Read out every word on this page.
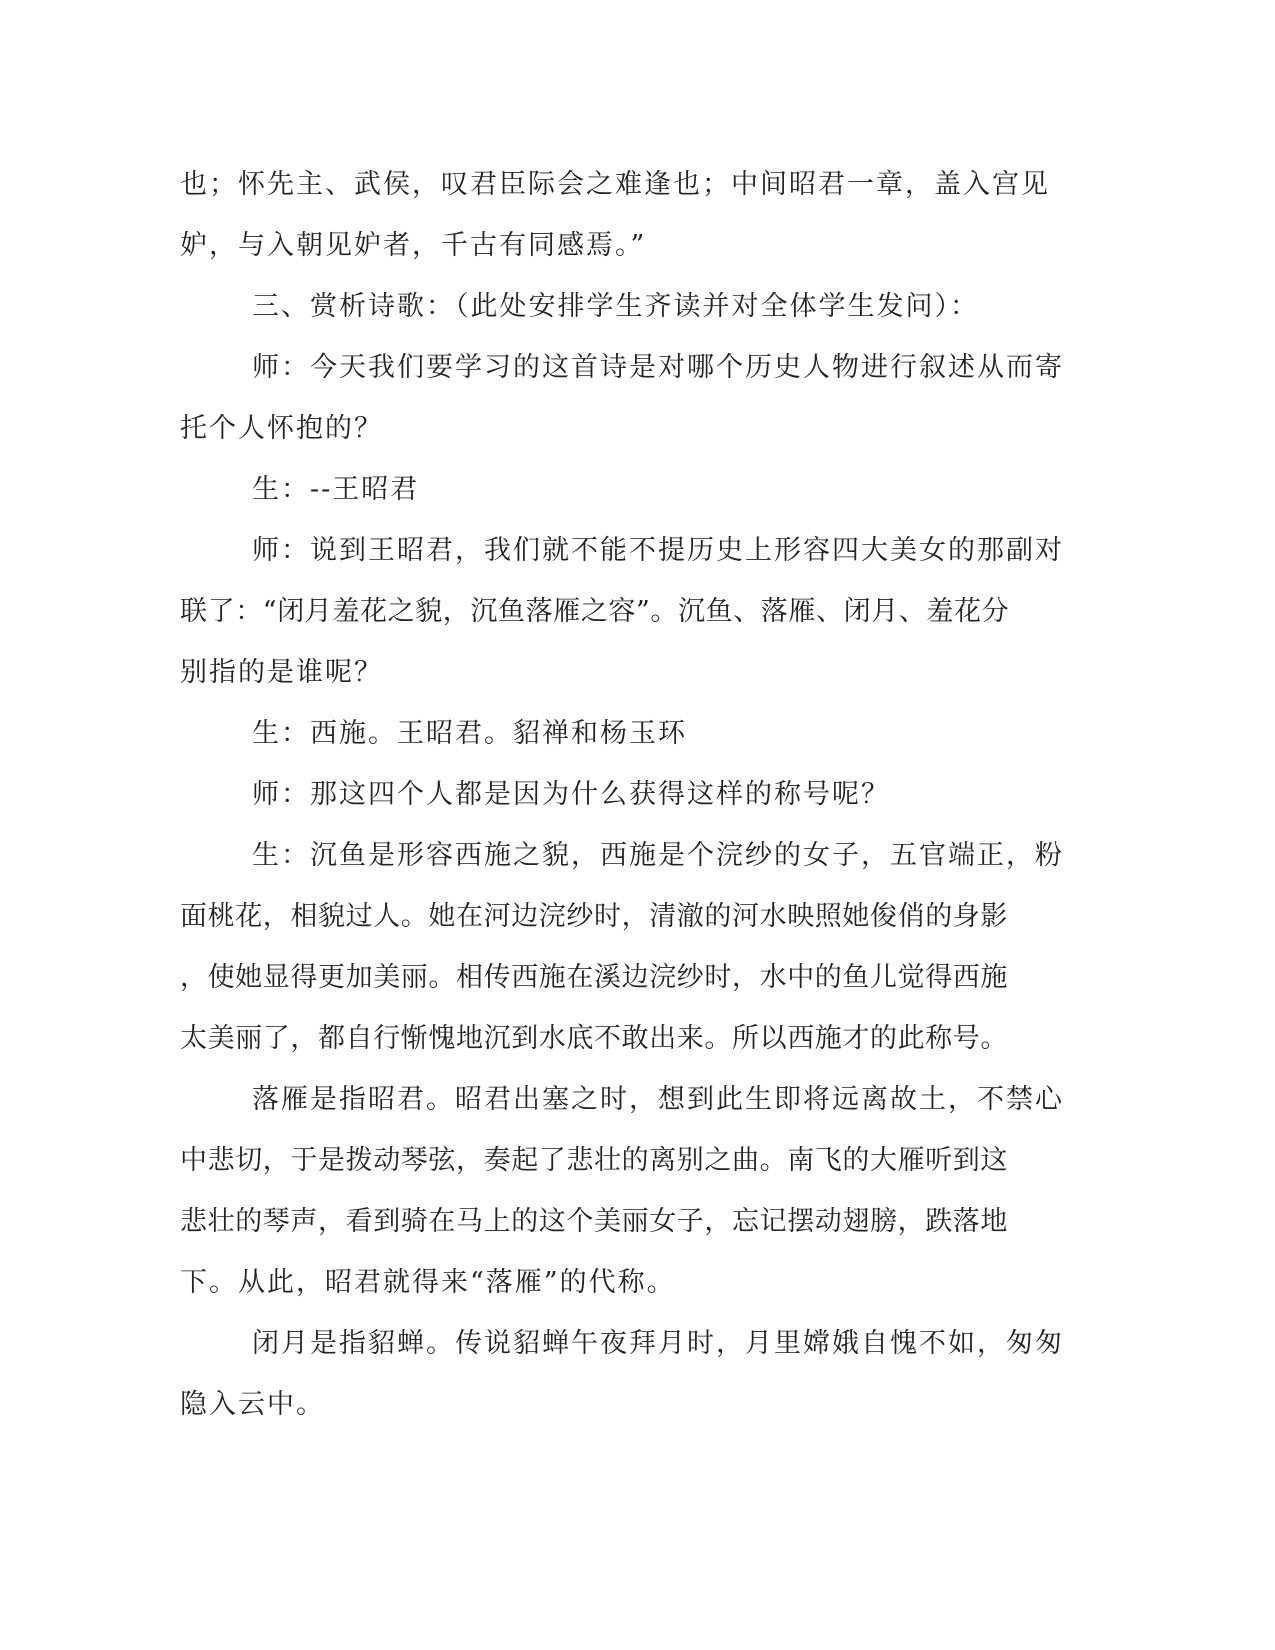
也；怀先主、武侯，叹君臣际会之难逢也；中间昭君一章，盖入宫见
妒，与入朝见妒者，千古有同感焉。”
三、赏析诗歌：（此处安排学生齐读并对全体学生发问）：
师：今天我们要学习的这首诗是对哪个历史人物进行叙述从而寄
托个人怀抱的？
生：--王昭君
师：说到王昭君，我们就不能不提历史上形容四大美女的那副对
联了：“闭月羞花之貌，沉鱼落雁之容”。沉鱼、落雁、闭月、羞花分
别指的是谁呢？
生：西施。王昭君。貂禅和杨玉环
师：那这四个人都是因为什么获得这样的称号呢？
生：沉鱼是形容西施之貌，西施是个浣纱的女子，五官端正，粉
面桃花，相貌过人。她在河边浣纱时，清澈的河水映照她俊俏的身影
，使她显得更加美丽。相传西施在溪边浣纱时，水中的鱼儿觉得西施
太美丽了，都自行惭愧地沉到水底不敢出来。所以西施才的此称号。
落雁是指昭君。昭君出塞之时，想到此生即将远离故土，不禁心
中悲切，于是拨动琴弦，奏起了悲壮的离别之曲。南飞的大雁听到这
悲壮的琴声，看到骑在马上的这个美丽女子，忘记摆动翅膀，跌落地
下。从此，昭君就得来“落雁”的代称。
闭月是指貂蝉。传说貂蝉午夜拜月时，月里嫦娥自愧不如，匆匆
隐入云中。
